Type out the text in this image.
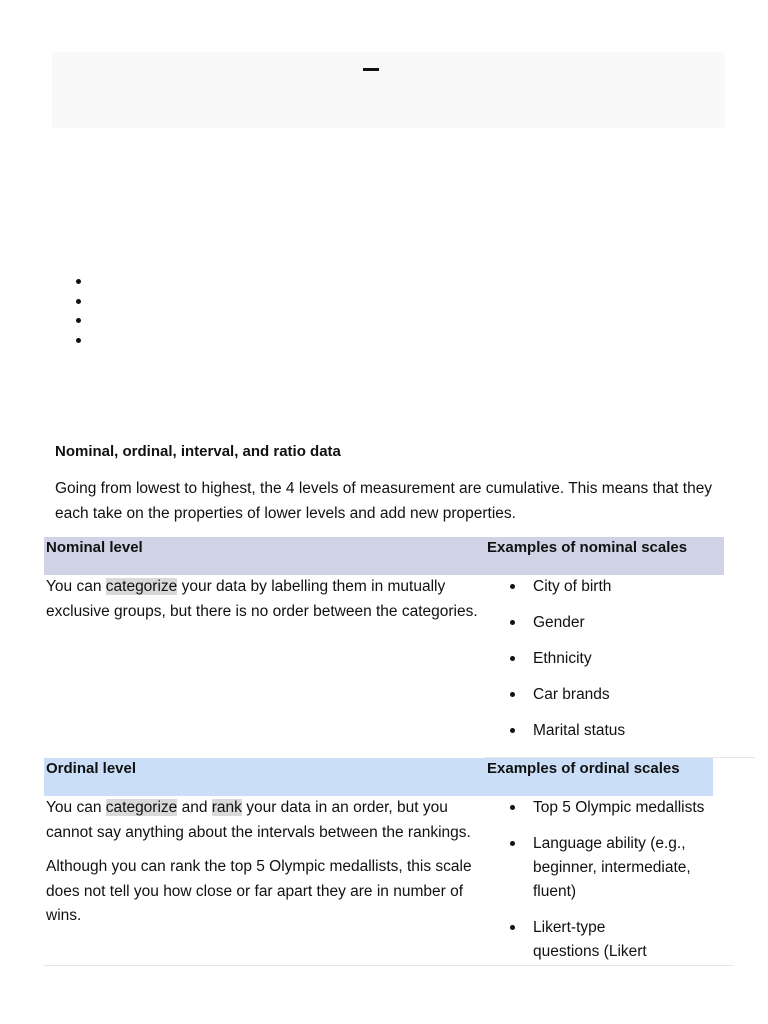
Nominal, ordinal, interval, and ratio data

Going from lowest to highest, the 4 levels of measurement are cumulative. This means that they each take on the properties of lower levels and add new properties.

Nominal level	Examples of nominal scales

You can categorize your data by labelling them in mutually exclusive groups, but there is no order between the categories.

City of birth
Gender
Ethnicity
Car brands
Marital status
Ordinal level	Examples of ordinal scales

You can categorize and rank your data in an order, but you cannot say anything about the intervals between the rankings.

Although you can rank the top 5 Olympic medallists, this scale does not tell you how close or far apart they are in number of wins.

Top 5 Olympic medallists
Language ability (e.g., beginner, intermediate, fluent)
Likert-type questions (Likert
